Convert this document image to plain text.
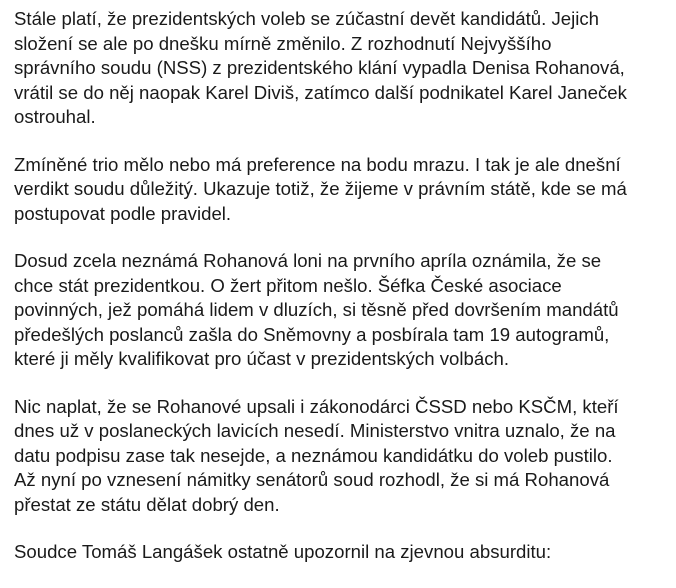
Stále platí, že prezidentských voleb se zúčastní devět kandidátů. Jejich
složení se ale po dnešku mírně změnilo. Z rozhodnutí Nejvyššího
správního soudu (NSS) z prezidentského klání vypadla Denisa Rohanová,
vrátil se do něj naopak Karel Diviš, zatímco další podnikatel Karel Janeček
ostrouhal.

Zmíněné trio mělo nebo má preference na bodu mrazu. I tak je ale dnešní
verdikt soudu důležitý. Ukazuje totiž, že žijeme v právním státě, kde se má
postupovat podle pravidel.

Dosud zcela neznámá Rohanová loni na prvního apríla oznámila, že se
chce stát prezidentkou. O žert přitom nešlo. Šéfka České asociace
povinných, jež pomáhá lidem v dluzích, si těsně před dovršením mandátů
předešlých poslanců zašla do Sněmovny a posbírala tam 19 autogramů,
které ji měly kvalifikovat pro účast v prezidentských volbách.

Nic naplat, že se Rohanové upsali i zákonodárci ČSSD nebo KSČM, kteří
dnes už v poslaneckých lavicích nesedí. Ministerstvo vnitra uznalo, že na
datu podpisu zase tak nesejde, a neznámou kandidátku do voleb pustilo.
Až nyní po vznesení námitky senátorů soud rozhodl, že si má Rohanová
přestat ze státu dělat dobrý den.

Soudce Tomáš Langášek ostatně upozornil na zjevnou absurditu:
